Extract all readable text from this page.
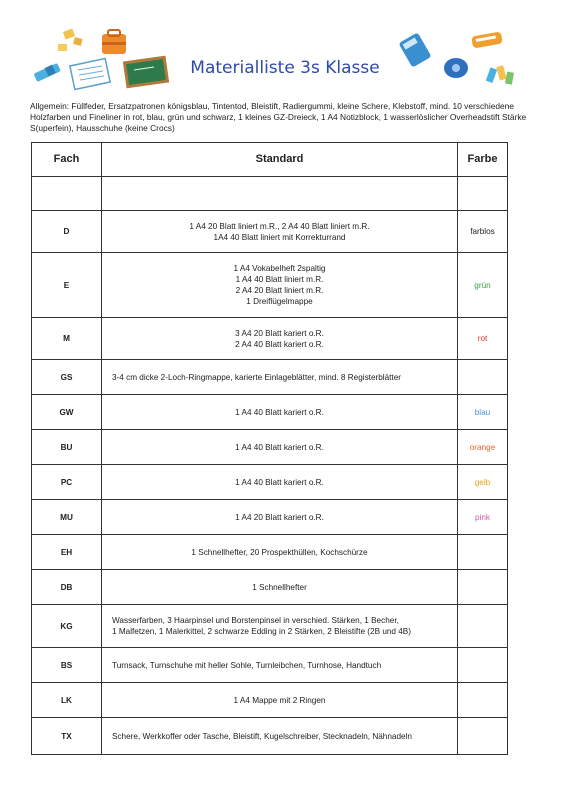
Materialliste 3s Klasse
Allgemein: Füllfeder, Ersatzpatronen königsblau, Tintentod, Bleistift, Radiergummi, kleine Schere, Klebstoff, mind. 10 verschiedene Holzfarben und Fineliner in rot, blau, grün und schwarz, 1 kleines GZ-Dreieck, 1 A4 Notizblock, 1 wasserlöslicher Overheadstift Stärke S(uperfein), Hausschuhe (keine Crocs)
Fach	Standard	Farbe

D	1 A4 20 Blatt liniert m.R., 2 A4 40 Blatt liniert m.R.
1A4 40 Blatt liniert mit Korrekturrand	farblos
E	1 A4 Vokabelheft 2spaltig
1 A4 40 Blatt liniert m.R.
2 A4 20 Blatt liniert m.R.
1 Dreiflügelmappe	grün
M	3 A4 20 Blatt kariert o.R.
2 A4 40 Blatt kariert o.R.	rot
GS	3-4 cm dicke 2-Loch-Ringmappe, karierte Einlageblätter, mind. 8 Registerblätter	

GW	1 A4 40 Blatt kariert o.R.	blau
BU	1 A4 40 Blatt kariert o.R.	orange
PC	1 A4 40 Blatt kariert o.R.	gelb
MU	1 A4 20 Blatt kariert o.R.	pink
EH	1 Schnellhefter, 20 Prospekthüllen, Kochschürze	

DB	1 Schnellhefter	

KG	Wasserfarben, 3 Haarpinsel und Borstenpinsel in verschied. Stärken, 1 Becher,
1 Malfetzen, 1 Malerkittel, 2 schwarze Edding in 2 Stärken, 2 Bleistifte (2B und 4B)	

BS	Turnsack, Turnschuhe mit heller Sohle, Turnleibchen, Turnhose, Handtuch	

LK	1 A4 Mappe mit 2 Ringen	

TX	Schere, Werkkoffer oder Tasche, Bleistift, Kugelschreiber, Stecknadeln, Nähnadeln	
